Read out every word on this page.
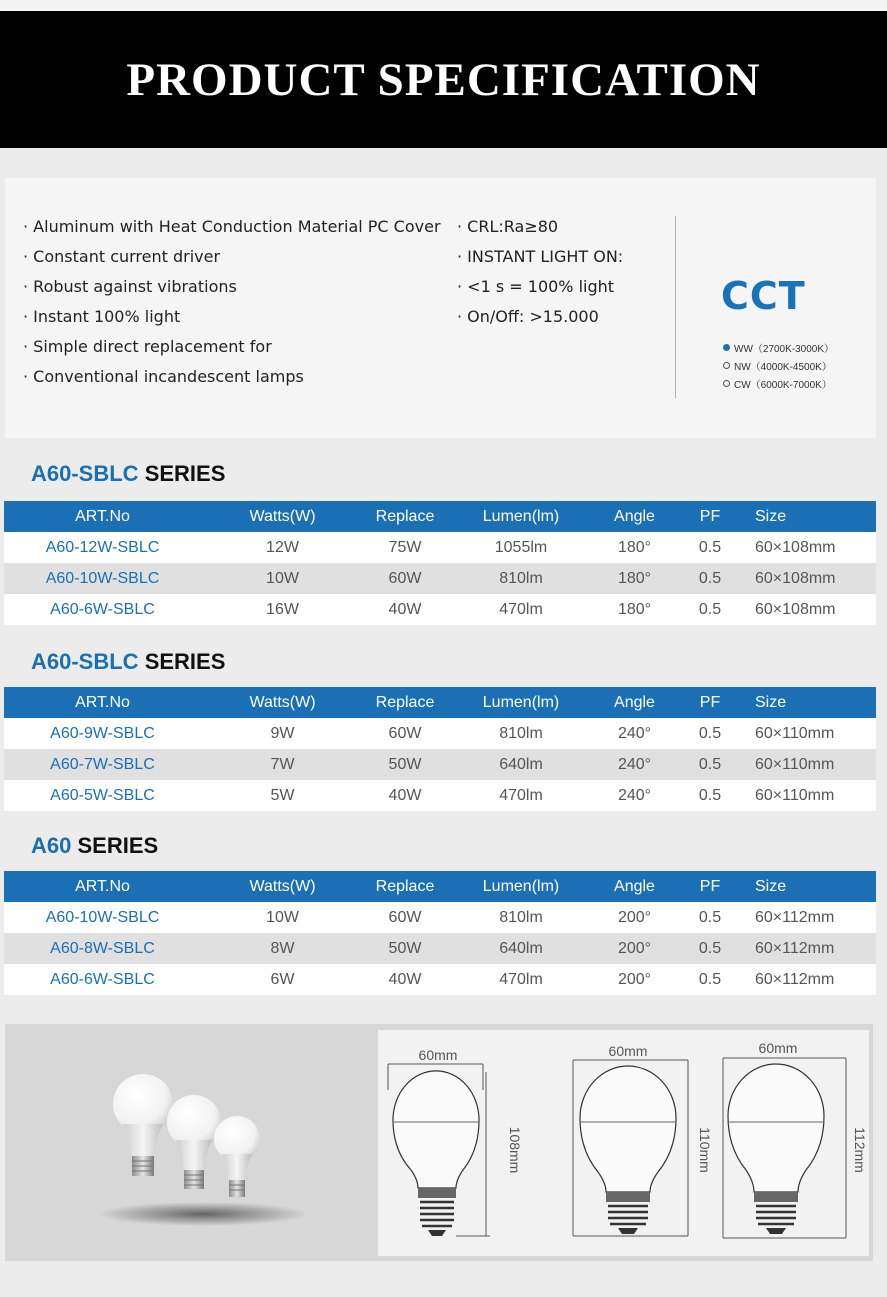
PRODUCT SPECIFICATION
· Aluminum with Heat Conduction Material PC Cover
· Constant current driver
· Robust against vibrations
· Instant 100% light
· Simple direct replacement for
· Conventional incandescent lamps
· CRL:Ra≥80
· INSTANT LIGHT ON:
· <1 s = 100% light
· On/Off: >15.000	CCT
WW（2700K-3000K）
NW（4000K-4500K）
CW（6000K-7000K）
A60-SBLC SERIES
ART.No	Watts(W)	Replace	Lumen(lm)	Angle	PF	Size
A60-12W-SBLC	12W	75W	1055lm	180°	0.5	60×108mm
A60-10W-SBLC	10W	60W	810lm	180°	0.5	60×108mm
A60-6W-SBLC	16W	40W	470lm	180°	0.5	60×108mm
A60-SBLC SERIES
ART.No	Watts(W)	Replace	Lumen(lm)	Angle	PF	Size
A60-9W-SBLC	9W	60W	810lm	240°	0.5	60×110mm
A60-7W-SBLC	7W	50W	640lm	240°	0.5	60×110mm
A60-5W-SBLC	5W	40W	470lm	240°	0.5	60×110mm
A60 SERIES
ART.No	Watts(W)	Replace	Lumen(lm)	Angle	PF	Size
A60-10W-SBLC	10W	60W	810lm	200°	0.5	60×112mm
A60-8W-SBLC	8W	50W	640lm	200°	0.5	60×112mm
A60-6W-SBLC	6W	40W	470lm	200°	0.5	60×112mm
60mm
108mm
60mm
110mm
60mm
112mm
